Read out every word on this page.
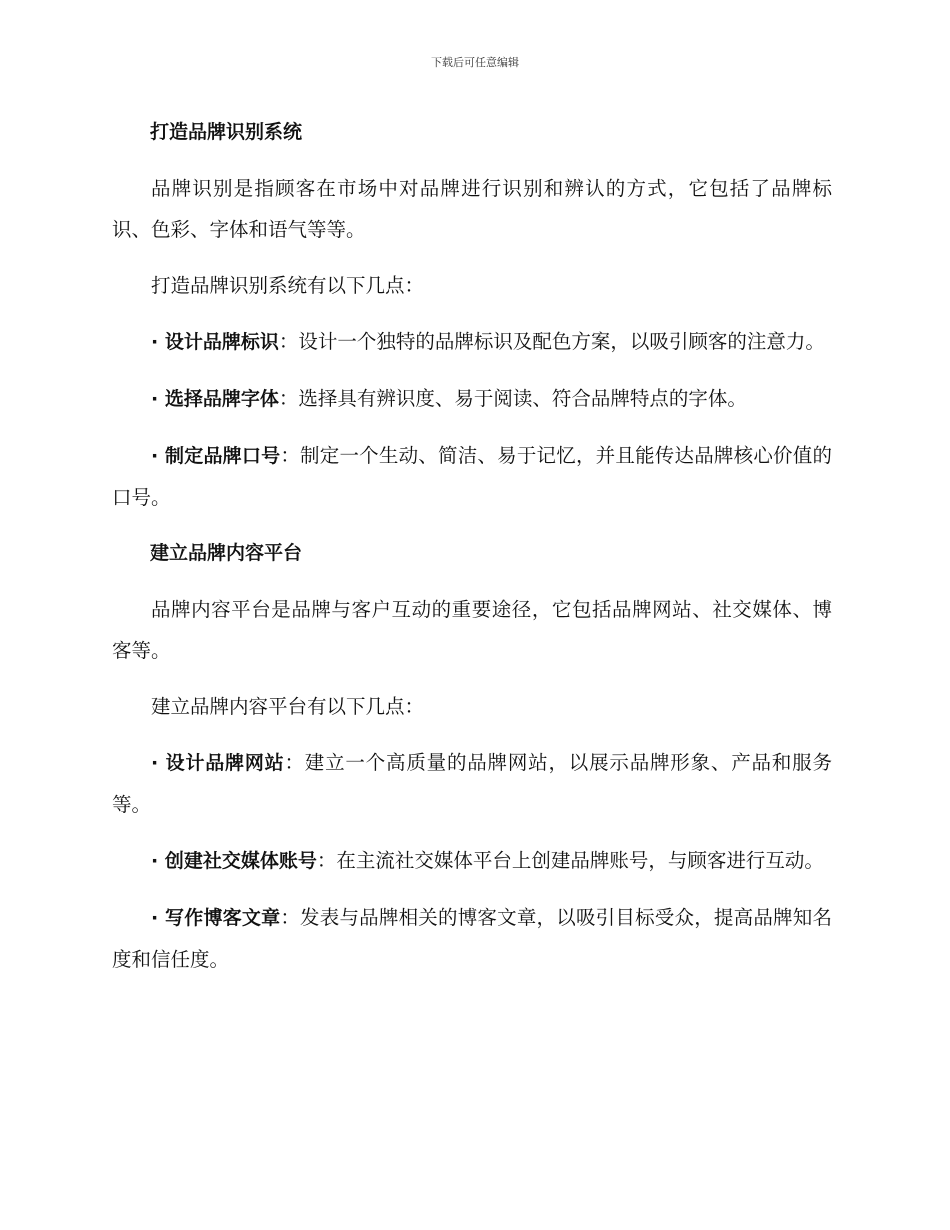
下载后可任意编辑
打造品牌识别系统

品牌识别是指顾客在市场中对品牌进行识别和辨认的方式，它包括了品牌标识、色彩、字体和语气等等。

打造品牌识别系统有以下几点：

· 设计品牌标识：设计一个独特的品牌标识及配色方案，以吸引顾客的注意力。

· 选择品牌字体：选择具有辨识度、易于阅读、符合品牌特点的字体。

· 制定品牌口号：制定一个生动、简洁、易于记忆，并且能传达品牌核心价值的口号。

建立品牌内容平台

品牌内容平台是品牌与客户互动的重要途径，它包括品牌网站、社交媒体、博客等。

建立品牌内容平台有以下几点：

· 设计品牌网站：建立一个高质量的品牌网站，以展示品牌形象、产品和服务等。

· 创建社交媒体账号：在主流社交媒体平台上创建品牌账号，与顾客进行互动。

· 写作博客文章：发表与品牌相关的博客文章，以吸引目标受众，提高品牌知名度和信任度。
